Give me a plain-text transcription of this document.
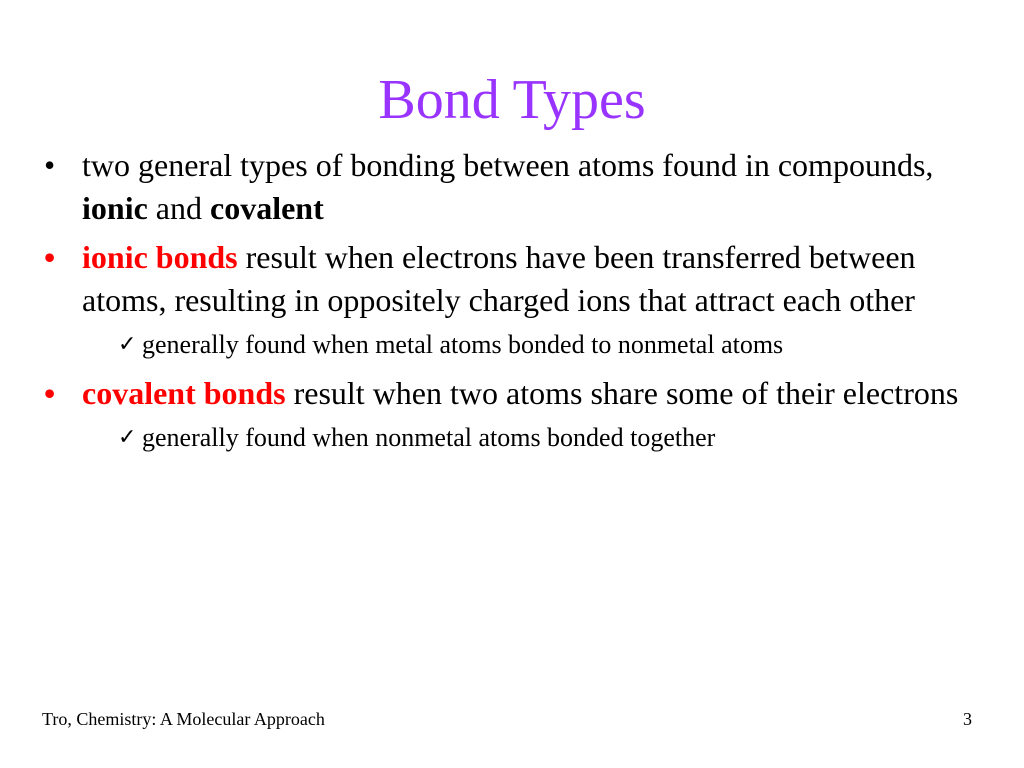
Bond Types
• two general types of bonding between atoms found in compounds, ionic and covalent
• ionic bonds result when electrons have been transferred between atoms, resulting in oppositely charged ions that attract each other
✓ generally found when metal atoms bonded to nonmetal atoms
• covalent bonds result when two atoms share some of their electrons
✓ generally found when nonmetal atoms bonded together
Tro, Chemistry: A Molecular Approach	3
